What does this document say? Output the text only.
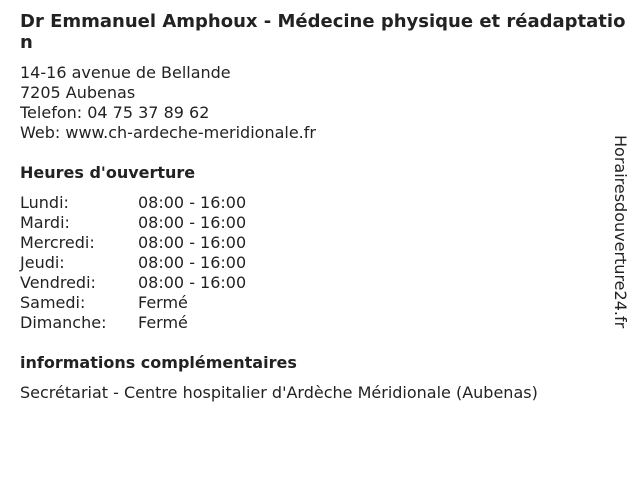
Dr Emmanuel Amphoux - Médecine physique et réadaptation
14-16 avenue de Bellande
7205 Aubenas
Telefon: 04 75 37 89 62
Web: www.ch-ardeche-meridionale.fr
Heures d'ouverture
Lundi:	08:00 - 16:00
Mardi:	08:00 - 16:00
Mercredi:	08:00 - 16:00
Jeudi:	08:00 - 16:00
Vendredi:	08:00 - 16:00
Samedi:	Fermé
Dimanche:	Fermé
informations complémentaires
Secrétariat - Centre hospitalier d'Ardèche Méridionale (Aubenas)
Horairesdouverture24.fr
